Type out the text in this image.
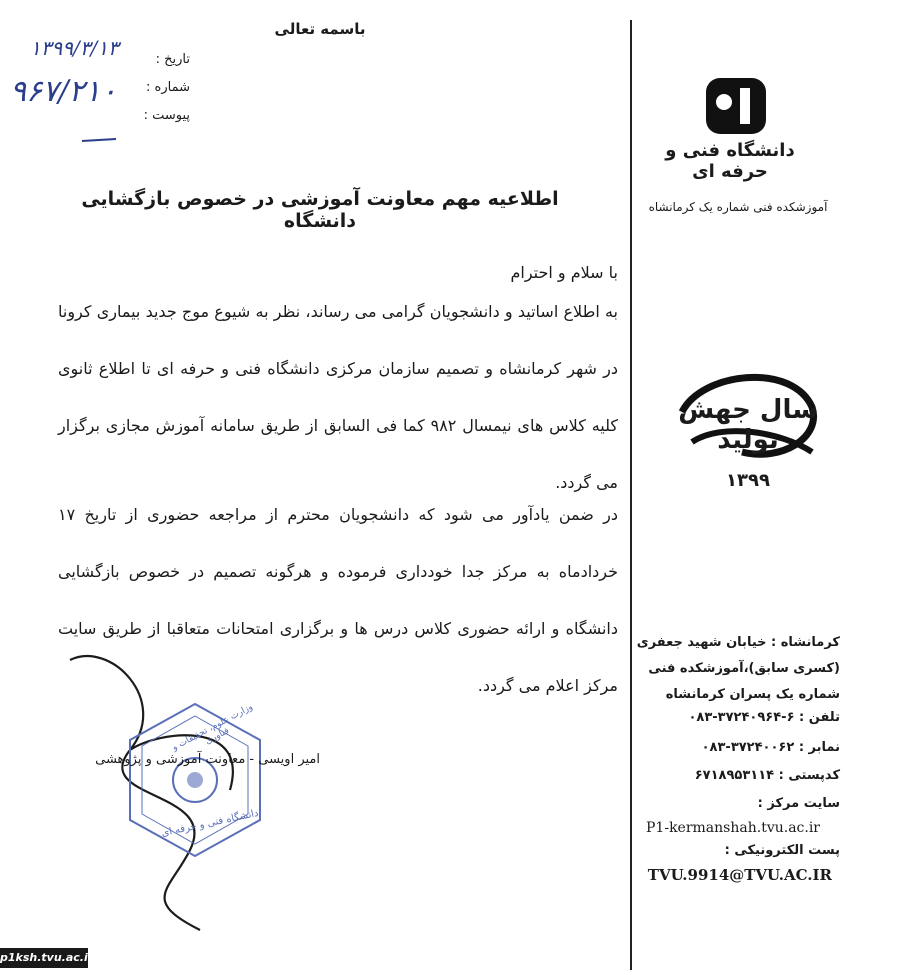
باسمه تعالی
تاریخ :
۱۳۹۹/۳/۱۳
شماره :
۹۶۷/۲۱۰
پیوست :
اطلاعیه مهم معاونت آموزشی در خصوص بازگشایی دانشگاه
با سلام و احترام
به اطلاع اساتید و دانشجویان گرامی می رساند، نظر به شیوع موج جدید بیماری کرونا در شهر کرمانشاه و تصمیم سازمان مرکزی دانشگاه فنی و حرفه ای تا اطلاع ثانوی کلیه کلاس های نیمسال ۹۸۲ کما فی السابق از طریق سامانه آموزش مجازی برگزار می گردد.
در ضمن یادآور می شود که دانشجویان محترم از مراجعه حضوری از تاریخ ۱۷ خردادماه به مرکز جدا خودداری فرموده و هرگونه تصمیم در خصوص بازگشایی دانشگاه و ارائه حضوری کلاس درس ها و برگزاری امتحانات متعاقبا از طریق سایت مرکز اعلام می گردد.
وزارت علوم، تحقیقات و فناوری
دانشگاه فنی و حرفه ای
امیر اویسی - معاونت آموزشی و پژوهشی
دانشگاه فنی و حرفه ای
آموزشکده فنی شماره یک کرمانشاه
سال جهش تولید
۱۳۹۹
کرمانشاه : خیابان شهید جعفری (کسری سابق)،آموزشکده فنی شماره یک پسران کرمانشاه
تلفن : ۶-۳۷۲۴۰۹۶۴-۰۸۳
نمابر : ۳۷۲۴۰۰۶۲-۰۸۳
کدپستی : ۶۷۱۸۹۵۳۱۱۴
سایت مرکز :
P1-kermanshah.tvu.ac.ir
پست الکترونیکی :
TVU.9914@TVU.AC.IR
p1ksh.tvu.ac.ir
